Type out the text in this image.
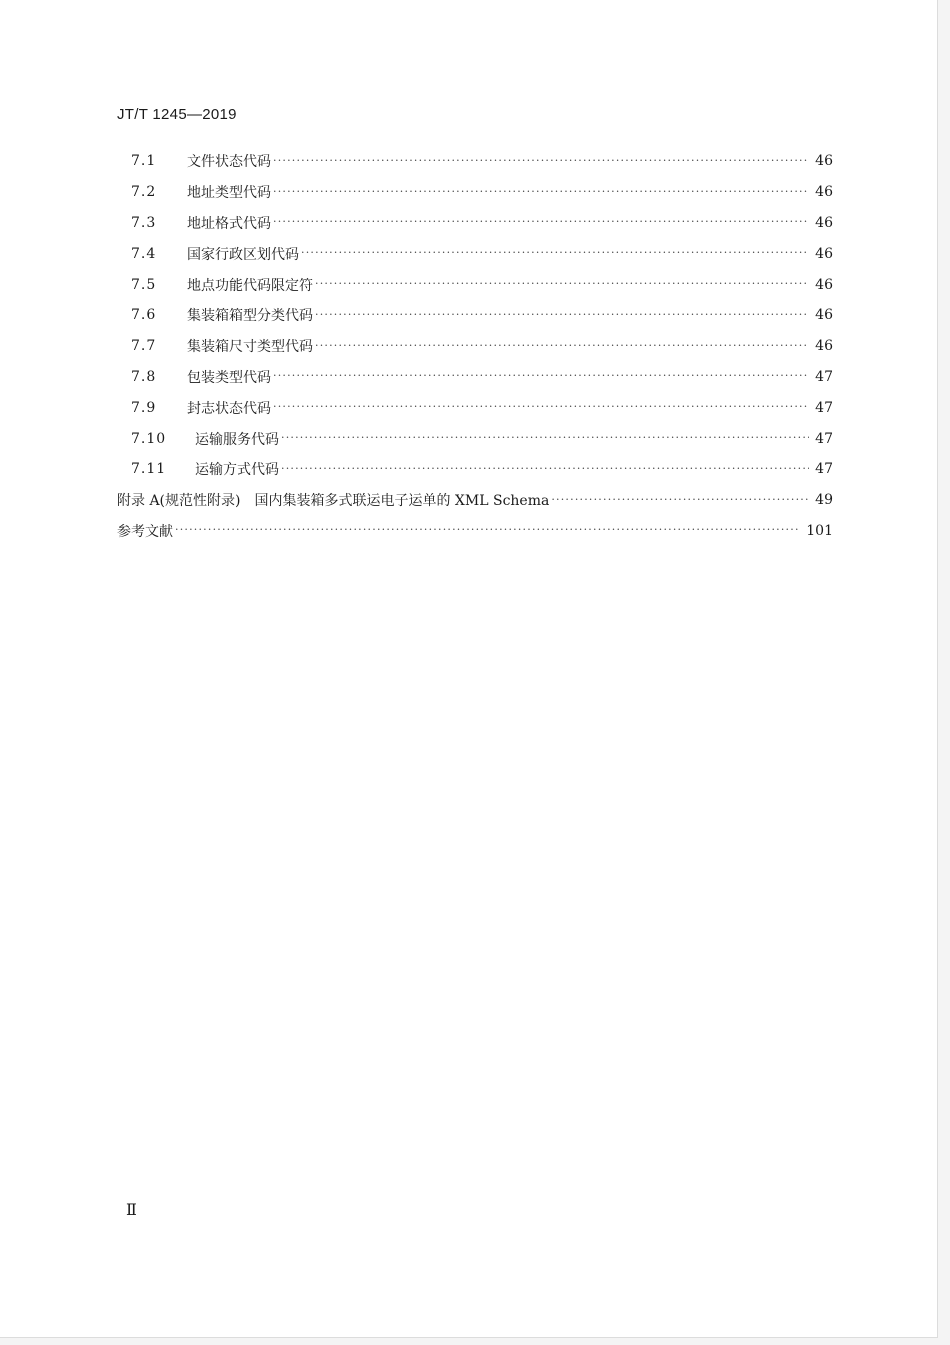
JT/T 1245—2019
7.1	文件状态代码 ·····	46
7.2	地址类型代码 ·····	46
7.3	地址格式代码 ·····	46
7.4	国家行政区划代码 ·····	46
7.5	地点功能代码限定符 ·····	46
7.6	集装箱箱型分类代码 ·····	46
7.7	集装箱尺寸类型代码 ·····	46
7.8	包装类型代码 ·····	47
7.9	封志状态代码 ·····	47
7.10	运输服务代码 ·····	47
7.11	运输方式代码 ·····	47
附录 A(规范性附录) 国内集装箱多式联运电子运单的 XML Schema ·····	49
参考文献 ·····	101
Ⅱ
